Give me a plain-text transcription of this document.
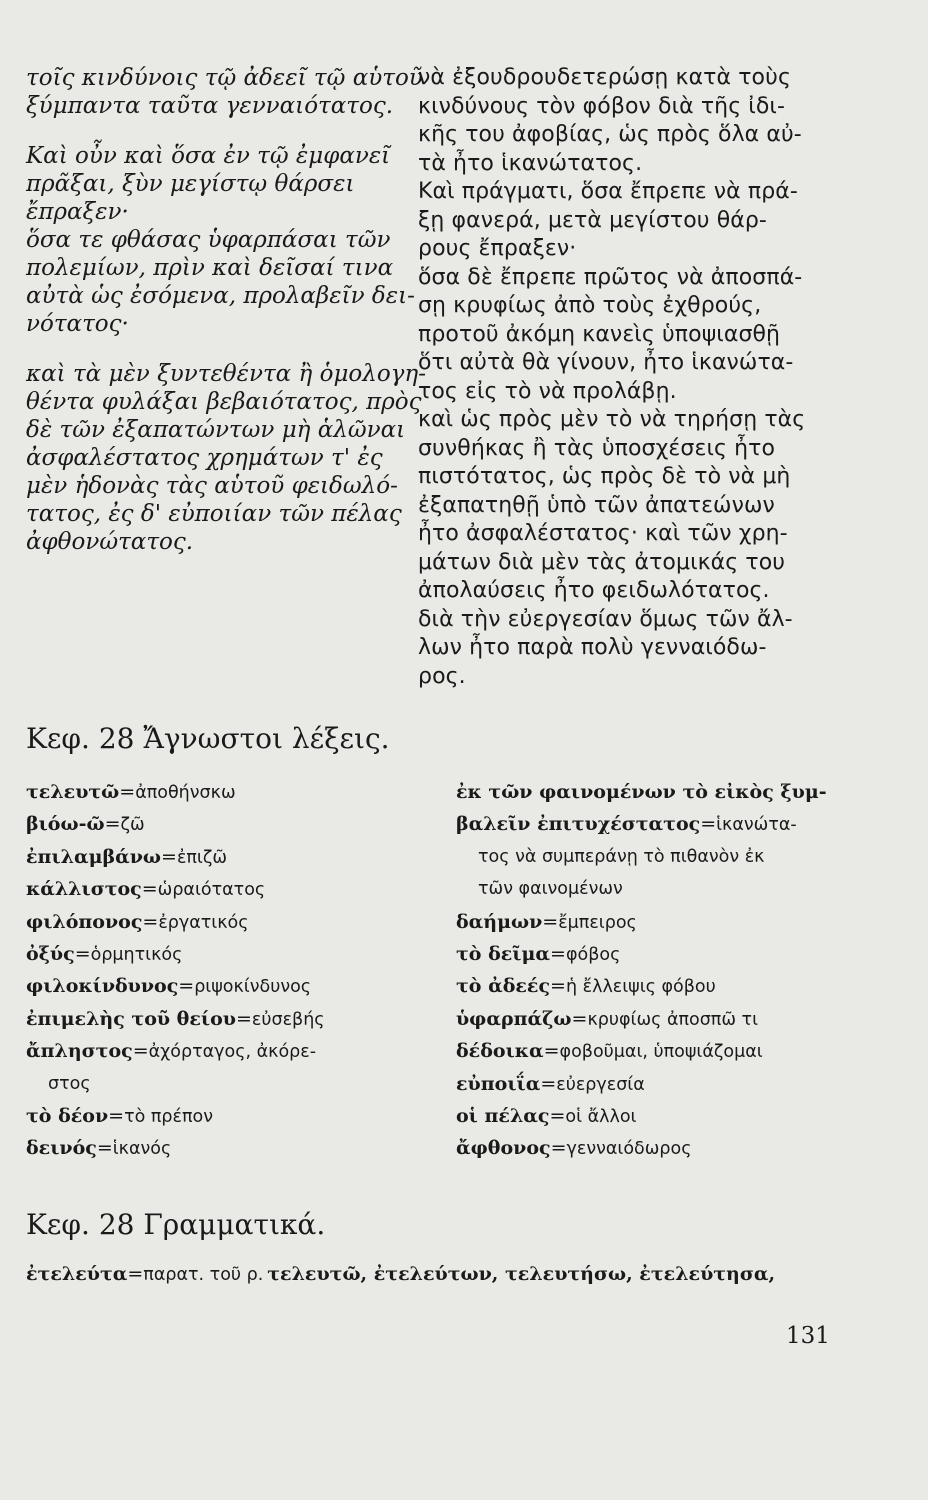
τοῖς κινδύνοις τῷ ἀδεεῖ τῷ αὑτοῦ
ξύμπαντα ταῦτα γενναιότατος.

Καὶ οὖν καὶ ὅσα ἐν τῷ ἐμφανεῖ
πρᾶξαι, ξὺν μεγίστῳ θάρσει
ἔπραξεν·
ὅσα τε φθάσας ὑφαρπάσαι τῶν
πολεμίων, πρὶν καὶ δεῖσαί τινα
αὐτὰ ὡς ἐσόμενα, προλαβεῖν δει-
νότατος·

καὶ τὰ μὲν ξυντεθέντα ἢ ὁμολογη-
θέντα φυλάξαι βεβαιότατος, πρὸς
δὲ τῶν ἐξαπατώντων μὴ ἁλῶναι
ἀσφαλέστατος χρημάτων τ' ἐς
μὲν ἡδονὰς τὰς αὑτοῦ φειδωλό-
τατος, ἐς δ' εὐποιίαν τῶν πέλας
ἀφθονώτατος.

νὰ ἐξουδρουδετερώσῃ κατὰ τοὺς
κινδύνους τὸν φόβον διὰ τῆς ἰδι-
κῆς του ἀφοβίας, ὡς πρὸς ὅλα αὐ-
τὰ ἦτο ἱκανώτατος.

Καὶ πράγματι, ὅσα ἔπρεπε νὰ πρά-
ξῃ φανερά, μετὰ μεγίστου θάρ-
ρους ἔπραξεν·
ὅσα δὲ ἔπρεπε πρῶτος νὰ ἀποσπά-
σῃ κρυφίως ἀπὸ τοὺς ἐχθρούς,
προτοῦ ἀκόμη κανεὶς ὑποψιασθῇ
ὅτι αὐτὰ θὰ γίνουν, ἦτο ἱκανώτα-
τος εἰς τὸ νὰ προλάβῃ.

καὶ ὡς πρὸς μὲν τὸ νὰ τηρήσῃ τὰς
συνθήκας ἢ τὰς ὑποσχέσεις ἦτο
πιστότατος, ὡς πρὸς δὲ τὸ νὰ μὴ
ἐξαπατηθῇ ὑπὸ τῶν ἀπατεώνων
ἦτο ἀσφαλέστατος· καὶ τῶν χρη-
μάτων διὰ μὲν τὰς ἀτομικάς του
ἀπολαύσεις ἦτο φειδωλότατος.
διὰ τὴν εὐεργεσίαν ὅμως τῶν ἄλ-
λων ἦτο παρὰ πολὺ γενναιόδω-
ρος.

Κεφ. 28 Ἄγνωστοι λέξεις.
τελευτῶ=ἀποθήνσκω
βιόω-ῶ=ζῶ
ἐπιλαμβάνω=ἐπιζῶ
κάλλιστος=ὡραιότατος
φιλόπονος=ἐργατικός
ὀξύς=ὁρμητικός
φιλοκίνδυνος=ριψοκίνδυνος
ἐπιμελὴς τοῦ θείου=εὐσεβής
ἄπληστος=ἀχόρταγος, ἀκόρε-
στος
τὸ δέον=τὸ πρέπον
δεινός=ἱκανός
ἐκ τῶν φαινομένων τὸ εἰκὸς ξυμ-
βαλεῖν ἐπιτυχέστατος=ἱκανώτα-
τος νὰ συμπεράνῃ τὸ πιθανὸν ἐκ
τῶν φαινομένων
δαήμων=ἔμπειρος
τὸ δεῖμα=φόβος
τὸ ἀδεές=ἡ ἔλλειψις φόβου
ὑφαρπάζω=κρυφίως ἀποσπῶ τι
δέδοικα=φοβοῦμαι, ὑποψιάζομαι
εὐποιΐα=εὐεργεσία
οἱ πέλας=οἱ ἄλλοι
ἄφθονος=γενναιόδωρος
Κεφ. 28 Γραμματικά.
ἐτελεύτα=παρατ. τοῦ ρ. τελευτῶ, ἐτελεύτων, τελευτήσω, ἐτελεύτησα,
131
